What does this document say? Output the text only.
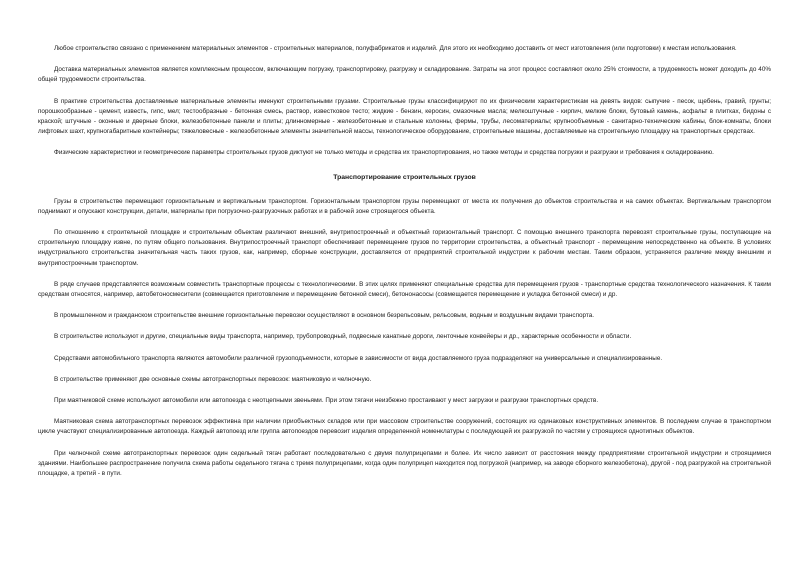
Любое строительство связано с применением материальных элементов - строительных материалов, полуфабрикатов и изделий. Для этого их необходимо доставить от мест изготовления (или подготовки) к местам использования.

Доставка материальных элементов является комплексным процессом, включающим погрузку, транспортировку, разгрузку и складирование. Затраты на этот процесс составляют около 25% стоимости, а трудоемкость может доходить до 40% общей трудоемкости строительства.

В практике строительства доставляемые материальные элементы именуют строительными грузами. Строительные грузы классифицируют по их физическим характеристикам на девять видов: сыпучие - песок, щебень, гравий, грунты; порошкообразные - цемент, известь, гипс, мел; тестообразные - бетонная смесь, раствор, известковое тесто; жидкие - бензин, керосин, смазочные масла; мелкоштучные - кирпич, мелкие блоки, бутовый камень, асфальт в плитках, бидоны с краской; штучные - оконные и дверные блоки, железобетонные панели и плиты; длинномерные - железобетонные и стальные колонны, фермы, трубы, лесоматериалы; крупнообъемные - санитарно-технические кабины, блок-комнаты, блоки лифтовых шахт, крупногабаритные контейнеры; тяжеловесные - железобетонные элементы значительной массы, технологическое оборудование, строительные машины, доставляемые на строительную площадку на транспортных средствах.

Физические характеристики и геометрические параметры строительных грузов диктуют не только методы и средства их транспортирования, но также методы и средства погрузки и разгрузки и требования к складированию.

Транспортирование строительных грузов

Грузы в строительстве перемещают горизонтальным и вертикальным транспортом. Горизонтальным транспортом грузы перемещают от места их получения до объектов строительства и на самих объектах. Вертикальным транспортом поднимают и опускают конструкции, детали, материалы при погрузочно-разгрузочных работах и в рабочей зоне строящегося объекта.

По отношению к строительной площадке и строительным объектам различают внешний, внутрипостроечный и объектный горизонтальный транспорт. С помощью внешнего транспорта перевозят строительные грузы, поступающие на строительную площадку извне, по путям общего пользования. Внутрипостроечный транспорт обеспечивает перемещение грузов по территории строительства, а объектный транспорт - перемещение непосредственно на объекте. В условиях индустриального строительства значительная часть таких грузов, как, например, сборные конструкции, доставляется от предприятий строительной индустрии к рабочим местам. Таким образом, устраняется различие между внешним и внутрипостроечным транспортом.

В ряде случаев представляется возможным совместить транспортные процессы с технологическими. В этих целях применяют специальные средства для перемещения грузов - транспортные средства технологического назначения. К таким средствам относятся, например, автобетоносмесители (совмещается приготовление и перемещение бетонной смеси), бетононасосы (совмещается перемещение и укладка бетонной смеси) и др.

В промышленном и гражданском строительстве внешние горизонтальные перевозки осуществляют в основном безрельсовым, рельсовым, водным и воздушным видами транспорта.

В строительстве используют и другие, специальные виды транспорта, например, трубопроводный, подвесные канатные дороги, ленточные конвейеры и др., характерные особенности и области.

Средствами автомобильного транспорта являются автомобили различной грузоподъемности, которые в зависимости от вида доставляемого груза подразделяют на универсальные и специализированные.

В строительстве применяют две основные схемы автотранспортных перевозок: маятниковую и челночную.

При маятниковой схеме используют автомобили или автопоезда с неотцепными звеньями. При этом тягачи неизбежно простаивают у мест загрузки и разгрузки транспортных средств.

Маятниковая схема автотранспортных перевозок эффективна при наличии приобъектных складов или при массовом строительстве сооружений, состоящих из одинаковых конструктивных элементов. В последнем случае в транспортном цикле участвуют специализированные автопоезда. Каждый автопоезд или группа автопоездов перевозит изделия определенной номенклатуры с последующей их разгрузкой по частям у строящихся однотипных объектов.

При челночной схеме автотранспортных перевозок один седельный тягач работает последовательно с двумя полуприцепами и более. Их число зависит от расстояния между предприятиями строительной индустрии и строящимися зданиями. Наибольшее распространение получила схема работы седельного тягача с тремя полуприцепами, когда один полуприцеп находится под погрузкой (например, на заводе сборного железобетона), другой - под разгрузкой на строительной площадке, а третий - в пути.
